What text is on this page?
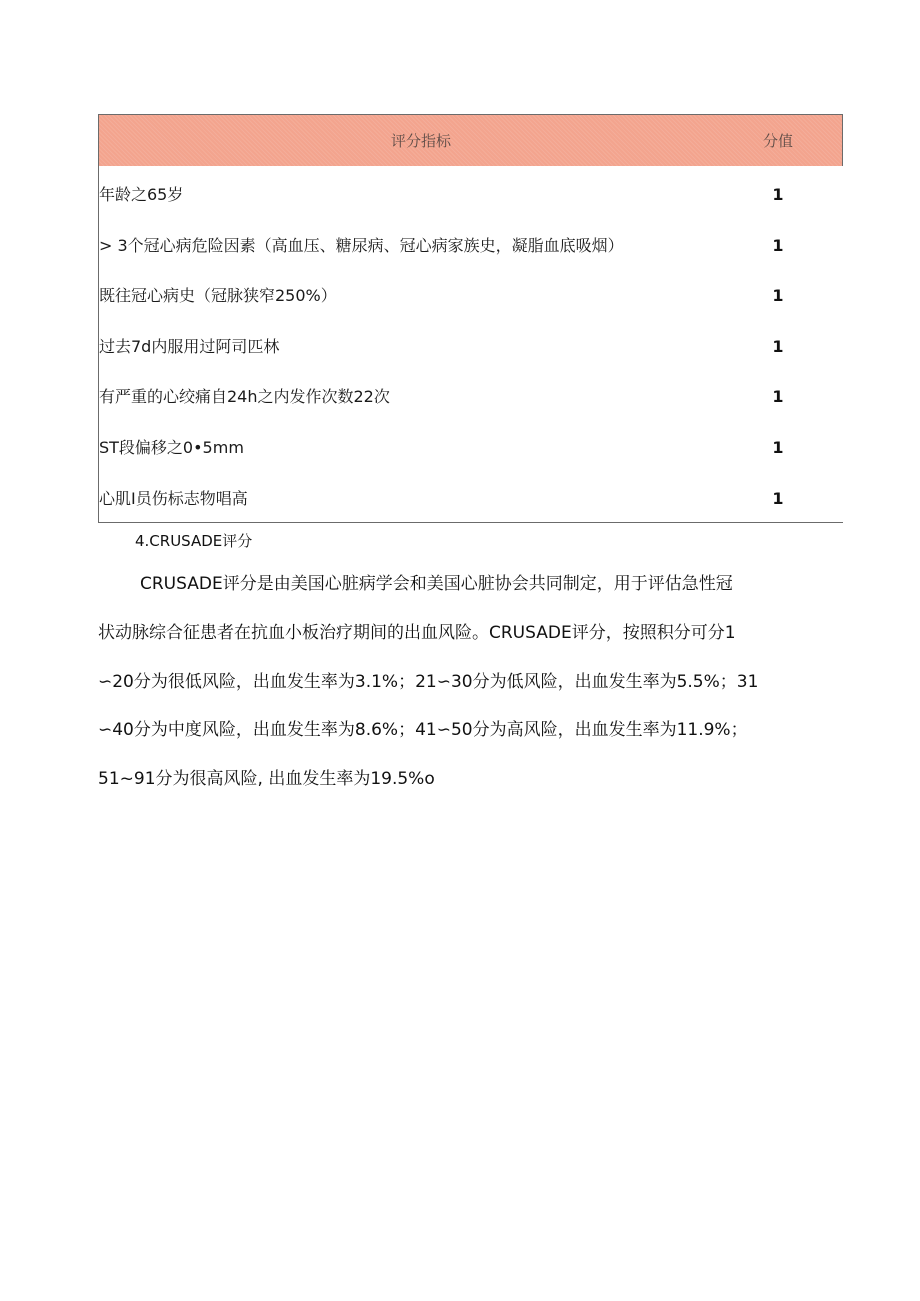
评分指标	分值
年龄之65岁	1
> 3个冠心病危险因素（高血压、糖尿病、冠心病家族史，凝脂血底吸烟）	1
既往冠心病史（冠脉狭窄250%）	1
过去7d内服用过阿司匹林	1
有严重的心绞痛自24h之内发作次数22次	1
ST段偏移之0•5mm	1
心肌I员伤标志物唱高	1
4.CRUSADE评分
CRUSADE评分是由美国心脏病学会和美国心脏协会共同制定，用于评估急性冠
状动脉综合征患者在抗血小板治疗期间的出血风险。CRUSADE评分，按照积分可分1
∽20分为很低风险，出血发生率为3.1%；21∽30分为低风险，出血发生率为5.5%；31
∽40分为中度风险，出血发生率为8.6%；41∽50分为高风险，出血发生率为11.9%；
51~91分为很高风险, 出血发生率为19.5%o
